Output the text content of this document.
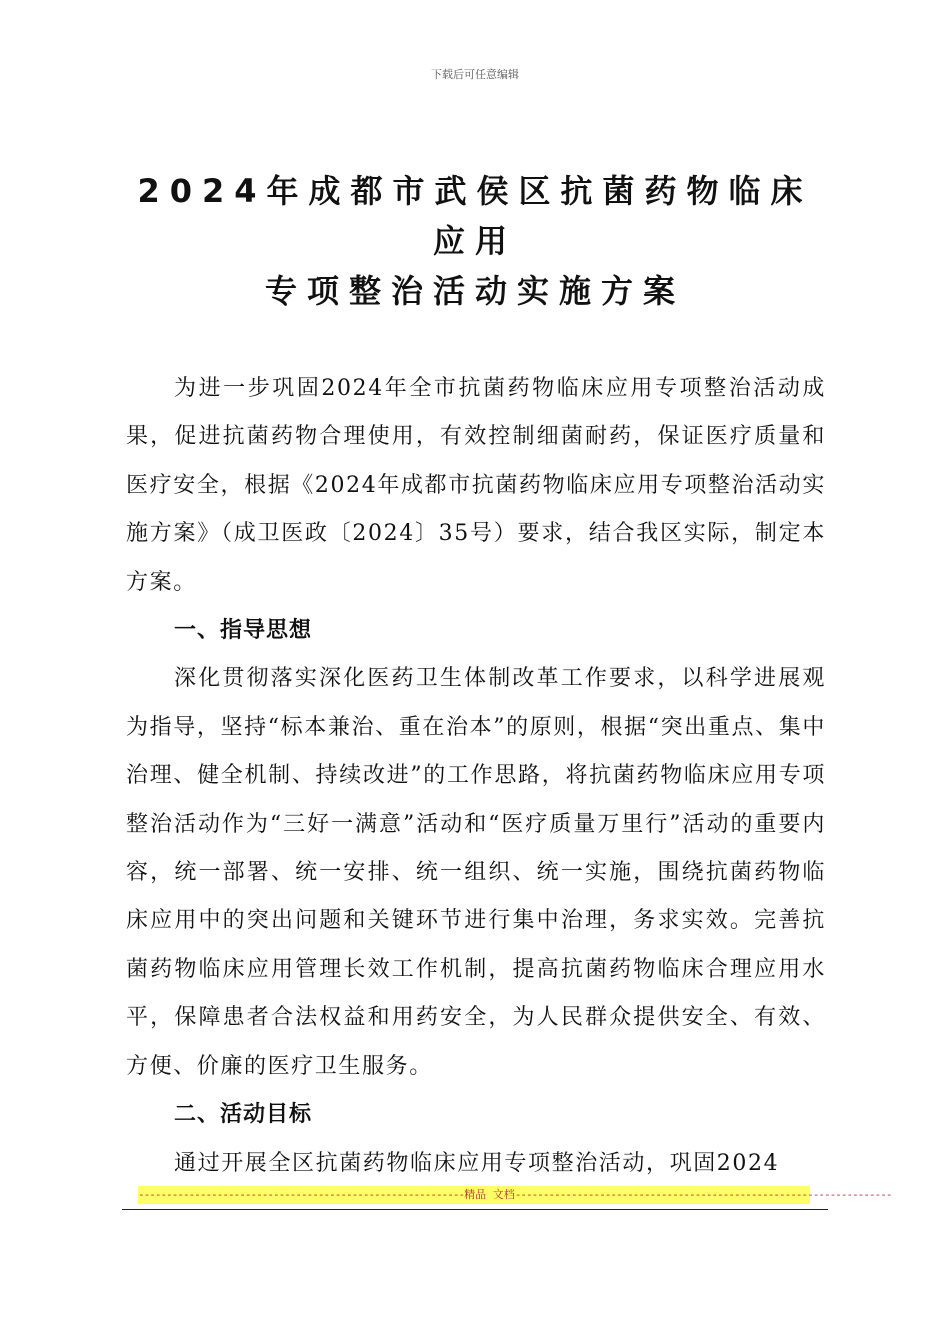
下载后可任意编辑
2024年成都市武侯区抗菌药物临床
应用
专项整治活动实施方案

为进一步巩固2024年全市抗菌药物临床应用专项整治活动成果，促进抗菌药物合理使用，有效控制细菌耐药，保证医疗质量和医疗安全，根据《2024年成都市抗菌药物临床应用专项整治活动实施方案》（成卫医政〔2024〕35号）要求，结合我区实际，制定本方案。

一、指导思想

深化贯彻落实深化医药卫生体制改革工作要求，以科学进展观为指导，坚持“标本兼治、重在治本”的原则，根据“突出重点、集中治理、健全机制、持续改进”的工作思路，将抗菌药物临床应用专项整治活动作为“三好一满意”活动和“医疗质量万里行”活动的重要内容，统一部署、统一安排、统一组织、统一实施，围绕抗菌药物临床应用中的突出问题和关键环节进行集中治理，务求实效。完善抗菌药物临床应用管理长效工作机制，提高抗菌药物临床合理应用水平，保障患者合法权益和用药安全，为人民群众提供安全、有效、方便、价廉的医疗卫生服务。

二、活动目标

通过开展全区抗菌药物临床应用专项整治活动，巩固2024

----------------------------------------------------------精品 文档-------------------------------------------------------------------
